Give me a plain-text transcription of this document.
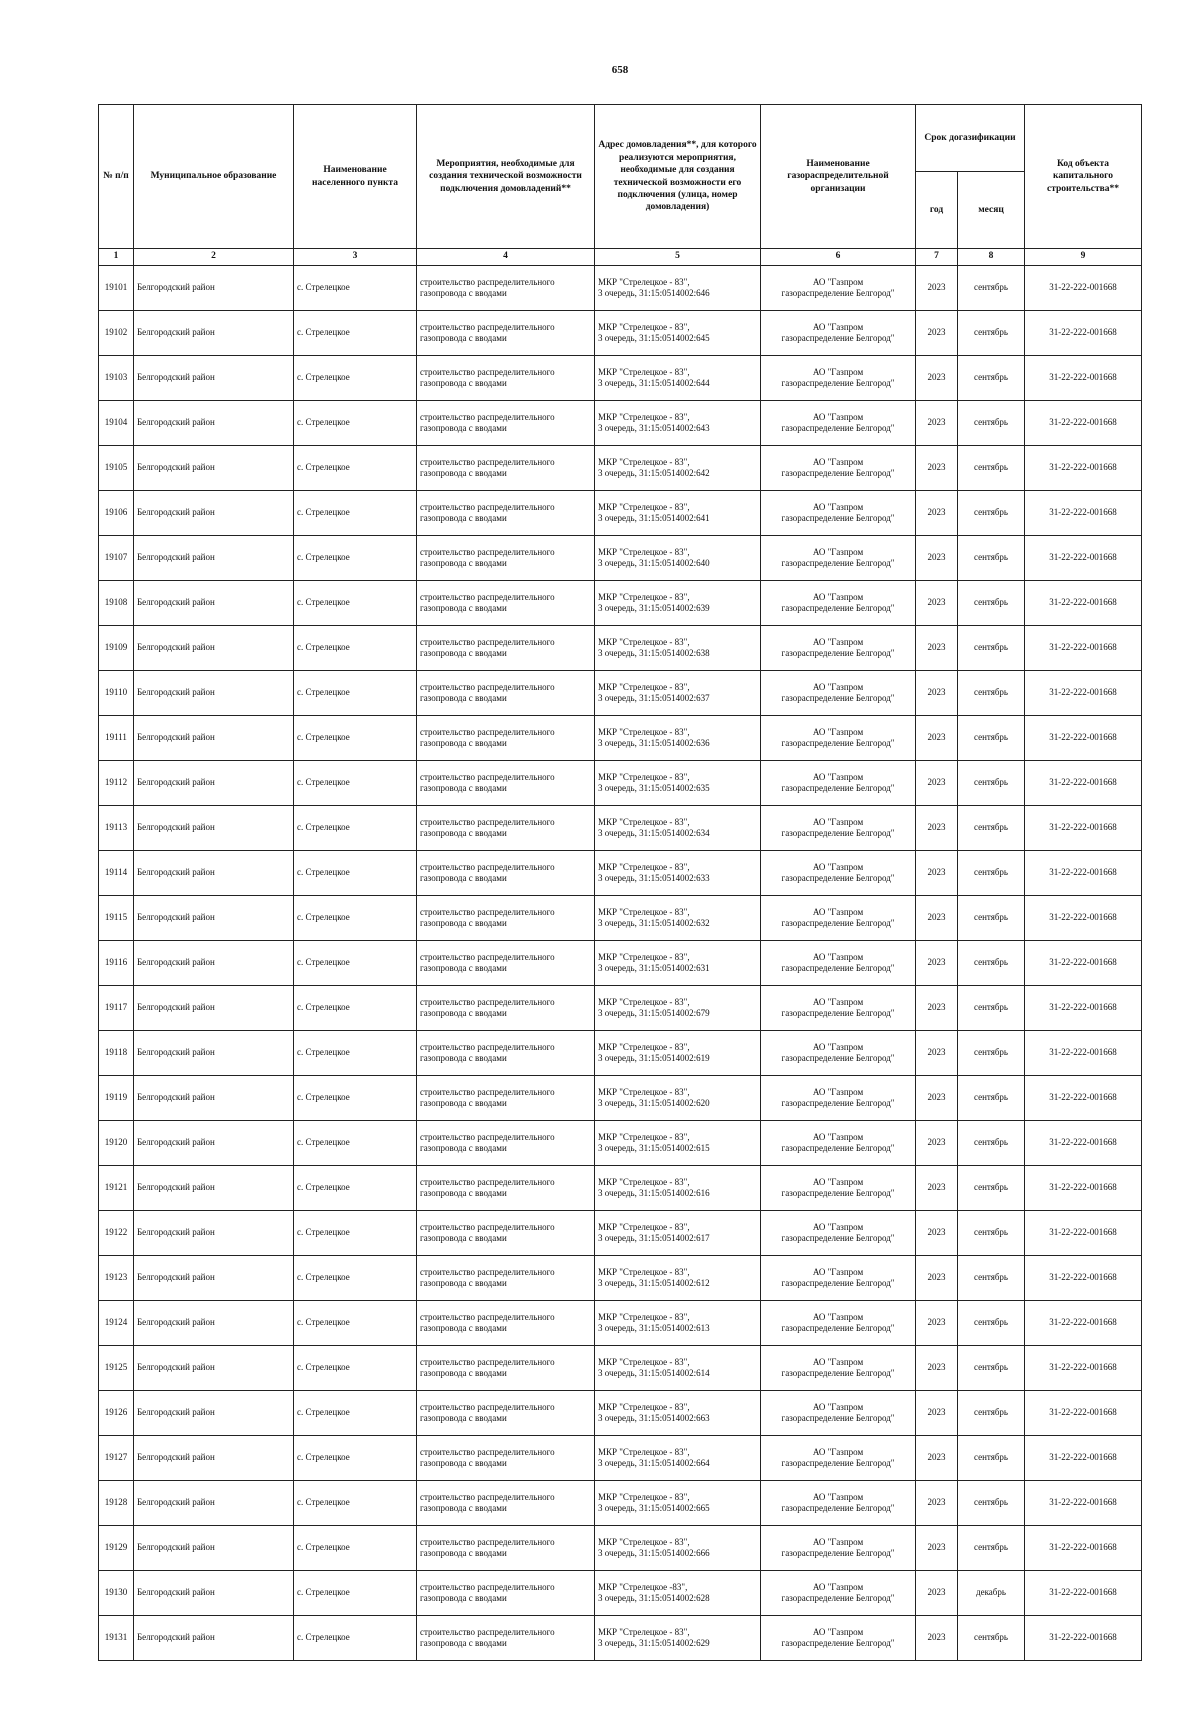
658
№ п/п	Муниципальное образование	Наименование населенного пункта	Мероприятия, необходимые для создания технической возможности подключения домовладений**	Адрес домовладения**, для которого реализуются мероприятия, необходимые для создания технической возможности его подключения (улица, номер домовладения)	Наименование газораспределительной организации	Срок догазификации		Код объекта капитального строительства**
						год	месяц	
1	2	3	4	5	6	7	8	9
19101	Белгородский район	с. Стрелецкое	строительство распределительного
газопровода с вводами	МКР "Стрелецкое - 83",
3 очередь, 31:15:0514002:646	АО "Газпром
газораспределение Белгород"	2023	сентябрь	31-22-222-001668
19102	Белгородский район	с. Стрелецкое	строительство распределительного
газопровода с вводами	МКР "Стрелецкое - 83",
3 очередь, 31:15:0514002:645	АО "Газпром
газораспределение Белгород"	2023	сентябрь	31-22-222-001668
19103	Белгородский район	с. Стрелецкое	строительство распределительного
газопровода с вводами	МКР "Стрелецкое - 83",
3 очередь, 31:15:0514002:644	АО "Газпром
газораспределение Белгород"	2023	сентябрь	31-22-222-001668
19104	Белгородский район	с. Стрелецкое	строительство распределительного
газопровода с вводами	МКР "Стрелецкое - 83",
3 очередь, 31:15:0514002:643	АО "Газпром
газораспределение Белгород"	2023	сентябрь	31-22-222-001668
19105	Белгородский район	с. Стрелецкое	строительство распределительного
газопровода с вводами	МКР "Стрелецкое - 83",
3 очередь, 31:15:0514002:642	АО "Газпром
газораспределение Белгород"	2023	сентябрь	31-22-222-001668
19106	Белгородский район	с. Стрелецкое	строительство распределительного
газопровода с вводами	МКР "Стрелецкое - 83",
3 очередь, 31:15:0514002:641	АО "Газпром
газораспределение Белгород"	2023	сентябрь	31-22-222-001668
19107	Белгородский район	с. Стрелецкое	строительство распределительного
газопровода с вводами	МКР "Стрелецкое - 83",
3 очередь, 31:15:0514002:640	АО "Газпром
газораспределение Белгород"	2023	сентябрь	31-22-222-001668
19108	Белгородский район	с. Стрелецкое	строительство распределительного
газопровода с вводами	МКР "Стрелецкое - 83",
3 очередь, 31:15:0514002:639	АО "Газпром
газораспределение Белгород"	2023	сентябрь	31-22-222-001668
19109	Белгородский район	с. Стрелецкое	строительство распределительного
газопровода с вводами	МКР "Стрелецкое - 83",
3 очередь, 31:15:0514002:638	АО "Газпром
газораспределение Белгород"	2023	сентябрь	31-22-222-001668
19110	Белгородский район	с. Стрелецкое	строительство распределительного
газопровода с вводами	МКР "Стрелецкое - 83",
3 очередь, 31:15:0514002:637	АО "Газпром
газораспределение Белгород"	2023	сентябрь	31-22-222-001668
19111	Белгородский район	с. Стрелецкое	строительство распределительного
газопровода с вводами	МКР "Стрелецкое - 83",
3 очередь, 31:15:0514002:636	АО "Газпром
газораспределение Белгород"	2023	сентябрь	31-22-222-001668
19112	Белгородский район	с. Стрелецкое	строительство распределительного
газопровода с вводами	МКР "Стрелецкое - 83",
3 очередь, 31:15:0514002:635	АО "Газпром
газораспределение Белгород"	2023	сентябрь	31-22-222-001668
19113	Белгородский район	с. Стрелецкое	строительство распределительного
газопровода с вводами	МКР "Стрелецкое - 83",
3 очередь, 31:15:0514002:634	АО "Газпром
газораспределение Белгород"	2023	сентябрь	31-22-222-001668
19114	Белгородский район	с. Стрелецкое	строительство распределительного
газопровода с вводами	МКР "Стрелецкое - 83",
3 очередь, 31:15:0514002:633	АО "Газпром
газораспределение Белгород"	2023	сентябрь	31-22-222-001668
19115	Белгородский район	с. Стрелецкое	строительство распределительного
газопровода с вводами	МКР "Стрелецкое - 83",
3 очередь, 31:15:0514002:632	АО "Газпром
газораспределение Белгород"	2023	сентябрь	31-22-222-001668
19116	Белгородский район	с. Стрелецкое	строительство распределительного
газопровода с вводами	МКР "Стрелецкое - 83",
3 очередь, 31:15:0514002:631	АО "Газпром
газораспределение Белгород"	2023	сентябрь	31-22-222-001668
19117	Белгородский район	с. Стрелецкое	строительство распределительного
газопровода с вводами	МКР "Стрелецкое - 83",
3 очередь, 31:15:0514002:679	АО "Газпром
газораспределение Белгород"	2023	сентябрь	31-22-222-001668
19118	Белгородский район	с. Стрелецкое	строительство распределительного
газопровода с вводами	МКР "Стрелецкое - 83",
3 очередь, 31:15:0514002:619	АО "Газпром
газораспределение Белгород"	2023	сентябрь	31-22-222-001668
19119	Белгородский район	с. Стрелецкое	строительство распределительного
газопровода с вводами	МКР "Стрелецкое - 83",
3 очередь, 31:15:0514002:620	АО "Газпром
газораспределение Белгород"	2023	сентябрь	31-22-222-001668
19120	Белгородский район	с. Стрелецкое	строительство распределительного
газопровода с вводами	МКР "Стрелецкое - 83",
3 очередь, 31:15:0514002:615	АО "Газпром
газораспределение Белгород"	2023	сентябрь	31-22-222-001668
19121	Белгородский район	с. Стрелецкое	строительство распределительного
газопровода с вводами	МКР "Стрелецкое - 83",
3 очередь, 31:15:0514002:616	АО "Газпром
газораспределение Белгород"	2023	сентябрь	31-22-222-001668
19122	Белгородский район	с. Стрелецкое	строительство распределительного
газопровода с вводами	МКР "Стрелецкое - 83",
3 очередь, 31:15:0514002:617	АО "Газпром
газораспределение Белгород"	2023	сентябрь	31-22-222-001668
19123	Белгородский район	с. Стрелецкое	строительство распределительного
газопровода с вводами	МКР "Стрелецкое - 83",
3 очередь, 31:15:0514002:612	АО "Газпром
газораспределение Белгород"	2023	сентябрь	31-22-222-001668
19124	Белгородский район	с. Стрелецкое	строительство распределительного
газопровода с вводами	МКР "Стрелецкое - 83",
3 очередь, 31:15:0514002:613	АО "Газпром
газораспределение Белгород"	2023	сентябрь	31-22-222-001668
19125	Белгородский район	с. Стрелецкое	строительство распределительного
газопровода с вводами	МКР "Стрелецкое - 83",
3 очередь, 31:15:0514002:614	АО "Газпром
газораспределение Белгород"	2023	сентябрь	31-22-222-001668
19126	Белгородский район	с. Стрелецкое	строительство распределительного
газопровода с вводами	МКР "Стрелецкое - 83",
3 очередь, 31:15:0514002:663	АО "Газпром
газораспределение Белгород"	2023	сентябрь	31-22-222-001668
19127	Белгородский район	с. Стрелецкое	строительство распределительного
газопровода с вводами	МКР "Стрелецкое - 83",
3 очередь, 31:15:0514002:664	АО "Газпром
газораспределение Белгород"	2023	сентябрь	31-22-222-001668
19128	Белгородский район	с. Стрелецкое	строительство распределительного
газопровода с вводами	МКР "Стрелецкое - 83",
3 очередь, 31:15:0514002:665	АО "Газпром
газораспределение Белгород"	2023	сентябрь	31-22-222-001668
19129	Белгородский район	с. Стрелецкое	строительство распределительного
газопровода с вводами	МКР "Стрелецкое - 83",
3 очередь, 31:15:0514002:666	АО "Газпром
газораспределение Белгород"	2023	сентябрь	31-22-222-001668
19130	Белгородский район	с. Стрелецкое	строительство распределительного
газопровода с вводами	МКР "Стрелецкое -83",
3 очередь, 31:15:0514002:628	АО "Газпром
газораспределение Белгород"	2023	декабрь	31-22-222-001668
19131	Белгородский район	с. Стрелецкое	строительство распределительного
газопровода с вводами	МКР "Стрелецкое - 83",
3 очередь, 31:15:0514002:629	АО "Газпром
газораспределение Белгород"	2023	сентябрь	31-22-222-001668
